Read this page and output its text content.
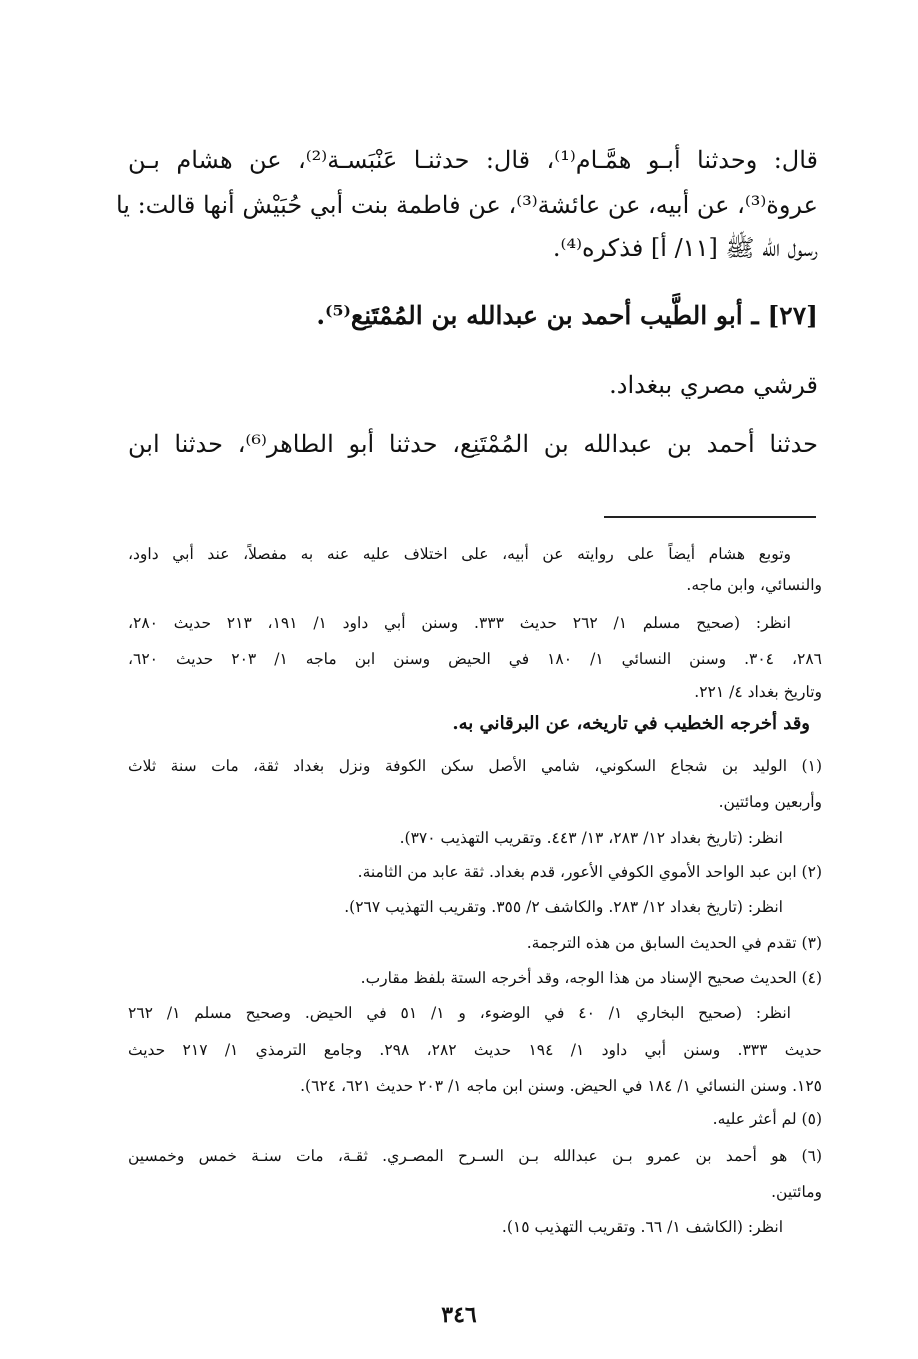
قال: وحدثنا أبـو همَّـام⁽¹⁾، قال: حدثنـا عَنْبَسـة⁽²⁾، عن هشام بـن
عروة⁽³⁾، عن أبيه، عن عائشة⁽³⁾، عن فاطمة بنت أبي حُبَيْش أنها قالت: يا
رسول الله ﷺ [١١/ أ] فذكره⁽⁴⁾.
[٢٧] ـ أبو الطَّيب أحمد بن عبدالله بن المُمْتَنِع⁽⁵⁾.
قرشي مصري ببغداد.
حدثنا أحمد بن عبدالله بن المُمْتَنِع، حدثنا أبو الطاهر⁽⁶⁾، حدثنا ابن
وتوبع هشام أيضاً على روايته عن أبيه، على اختلاف عليه عنه به مفصلاً، عند أبي داود،
والنسائي، وابن ماجه.
انظر: (صحيح مسلم ١/ ٢٦٢ حديث ٣٣٣. وسنن أبي داود ١/ ١٩١، ٢١٣ حديث ٢٨٠،
٢٨٦، ٣٠٤. وسنن النسائي ١/ ١٨٠ في الحيض وسنن ابن ماجه ١/ ٢٠٣ حديث ٦٢٠،
وتاريخ بغداد ٤/ ٢٢١.
وقد أخرجه الخطيب في تاريخه، عن البرقاني به.
(١) الوليد بن شجاع السكوني، شامي الأصل سكن الكوفة ونزل بغداد ثقة، مات سنة ثلاث
وأربعين ومائتين.
انظر: (تاريخ بغداد ١٢/ ٢٨٣، ١٣/ ٤٤٣. وتقريب التهذيب ٣٧٠).
(٢) ابن عبد الواحد الأموي الكوفي الأعور، قدم بغداد. ثقة عابد من الثامنة.
انظر: (تاريخ بغداد ١٢/ ٢٨٣. والكاشف ٢/ ٣٥٥. وتقريب التهذيب ٢٦٧).
(٣) تقدم في الحديث السابق من هذه الترجمة.
(٤) الحديث صحيح الإسناد من هذا الوجه، وقد أخرجه الستة بلفظ مقارب.
انظر: (صحيح البخاري ١/ ٤٠ في الوضوء، و ١/ ٥١ في الحيض. وصحيح مسلم ١/ ٢٦٢
حديث ٣٣٣. وسنن أبي داود ١/ ١٩٤ حديث ٢٨٢، ٢٩٨. وجامع الترمذي ١/ ٢١٧ حديث
١٢٥. وسنن النسائي ١/ ١٨٤ في الحيض. وسنن ابن ماجه ١/ ٢٠٣ حديث ٦٢١، ٦٢٤).
(٥) لم أعثر عليه.
(٦) هو أحمد بن عمرو بـن عبدالله بـن السـرح المصـري. ثقـة، مات سنـة خمس وخمسين
ومائتين.
انظر: (الكاشف ١/ ٦٦. وتقريب التهذيب ١٥).
٣٤٦
